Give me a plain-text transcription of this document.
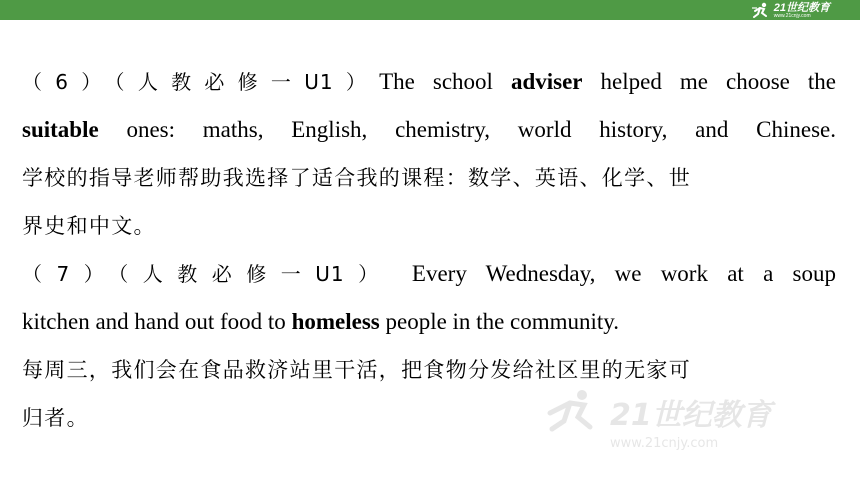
21世纪教育
www.21cnjy.com
（6）（人教必修一U1）The school adviser helped me choose the
suitable ones: maths, English, chemistry, world history, and Chinese.
学校的指导老师帮助我选择了适合我的课程：数学、英语、化学、世
界史和中文。
（7）（人教必修一U1） Every Wednesday, we work at a soup
kitchen and hand out food to homeless people in the community.
每周三，我们会在食品救济站里干活，把食物分发给社区里的无家可
归者。	21世纪教育
www.21cnjy.com
